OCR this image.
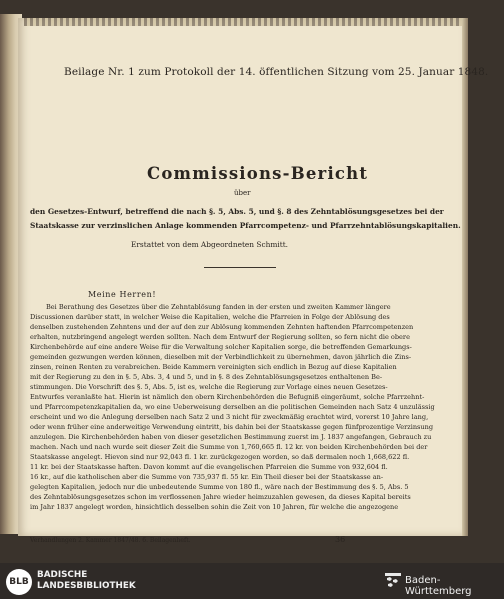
Beilage Nr. 1 zum Protokoll der 14. öffentlichen Sitzung vom 25. Januar 1848.
Commissions-Bericht
über
den Gesetzes-Entwurf, betreffend die nach §. 5, Abs. 5, und §. 8 des Zehntablösungsgesetzes bei der
Staatskasse zur verzinslichen Anlage kommenden Pfarrcompetenz- und Pfarrzehntablösungskapitalien.
Erstattet von dem Abgeordneten Schmitt.
Meine Herren!
Bei Berathung des Gesetzes über die Zehntablösung fanden in der ersten und zweiten Kammer längere
Discussionen darüber statt, in welcher Weise die Kapitalien, welche die Pfarreien in Folge der Ablösung des
denselben zustehenden Zehntens und der auf den zur Ablösung kommenden Zehnten haftenden Pfarrcompetenzen
erhalten, nutzbringend angelegt werden sollten. Nach dem Entwurf der Regierung sollten, so fern nicht die obere
Kirchenbehörde auf eine andere Weise für die Verwaltung solcher Kapitalien sorge, die betreffenden Gemarkungs-
gemeinden gezwungen werden können, dieselben mit der Verbindlichkeit zu übernehmen, davon jährlich die Zins-
zinsen, reinen Renten zu verabreichen. Beide Kammern vereinigten sich endlich in Bezug auf diese Kapitalien
mit der Regierung zu den in §. 5, Abs. 3, 4 und 5, und in §. 8 des Zehntablösungsgesetzes enthaltenen Be-
stimmungen. Die Vorschrift des §. 5, Abs. 5, ist es, welche die Regierung zur Vorlage eines neuen Gesetzes-
Entwurfes veranlaßte hat. Hierin ist nämlich den obern Kirchenbehörden die Befugniß eingeräumt, solche Pfarrzehnt-
und Pfarrcompetenzkapitalien da, wo eine Ueberweisung derselben an die politischen Gemeinden nach Satz 4 unzulässig
erscheint und wo die Anlegung derselben nach Satz 2 und 3 nicht für zweckmäßig erachtet wird, vorerst 10 Jahre lang,
oder wenn früher eine anderweitige Verwendung eintritt, bis dahin bei der Staatskasse gegen fünfprozentige Verzinsung
anzulegen. Die Kirchenbehörden haben von dieser gesetzlichen Bestimmung zuerst im J. 1837 angefangen, Gebrauch zu
machen. Nach und nach wurde seit dieser Zeit die Summe von 1,760,665 fl. 12 kr. von beiden Kirchenbehörden bei der
Staatskasse angelegt. Hievon sind nur 92,043 fl. 1 kr. zurückgezogen worden, so daß dermalen noch 1,668,622 fl.
11 kr. bei der Staatskasse haften. Davon kommt auf die evangelischen Pfarreien die Summe von 932,604 fl.
16 kr., auf die katholischen aber die Summe von 735,937 fl. 55 kr. Ein Theil dieser bei der Staatskasse an-
gelegten Kapitalien, jedoch nur die unbedeutende Summe von 180 fl., wäre nach der Bestimmung des §. 5, Abs. 5
des Zehntablösungsgesetzes schon im verflossenen Jahre wieder heimzuzahlen gewesen, da dieses Kapital bereits
im Jahr 1837 angelegt worden, hinsichtlich desselben sohin die Zeit von 10 Jahren, für welche die angezogene
Verhandlungen 2. Kammer 1847/48. 6. Beilagenheft.	36
BLB
BADISCHE
LANDESBIBLIOTHEK	Baden-Württemberg
